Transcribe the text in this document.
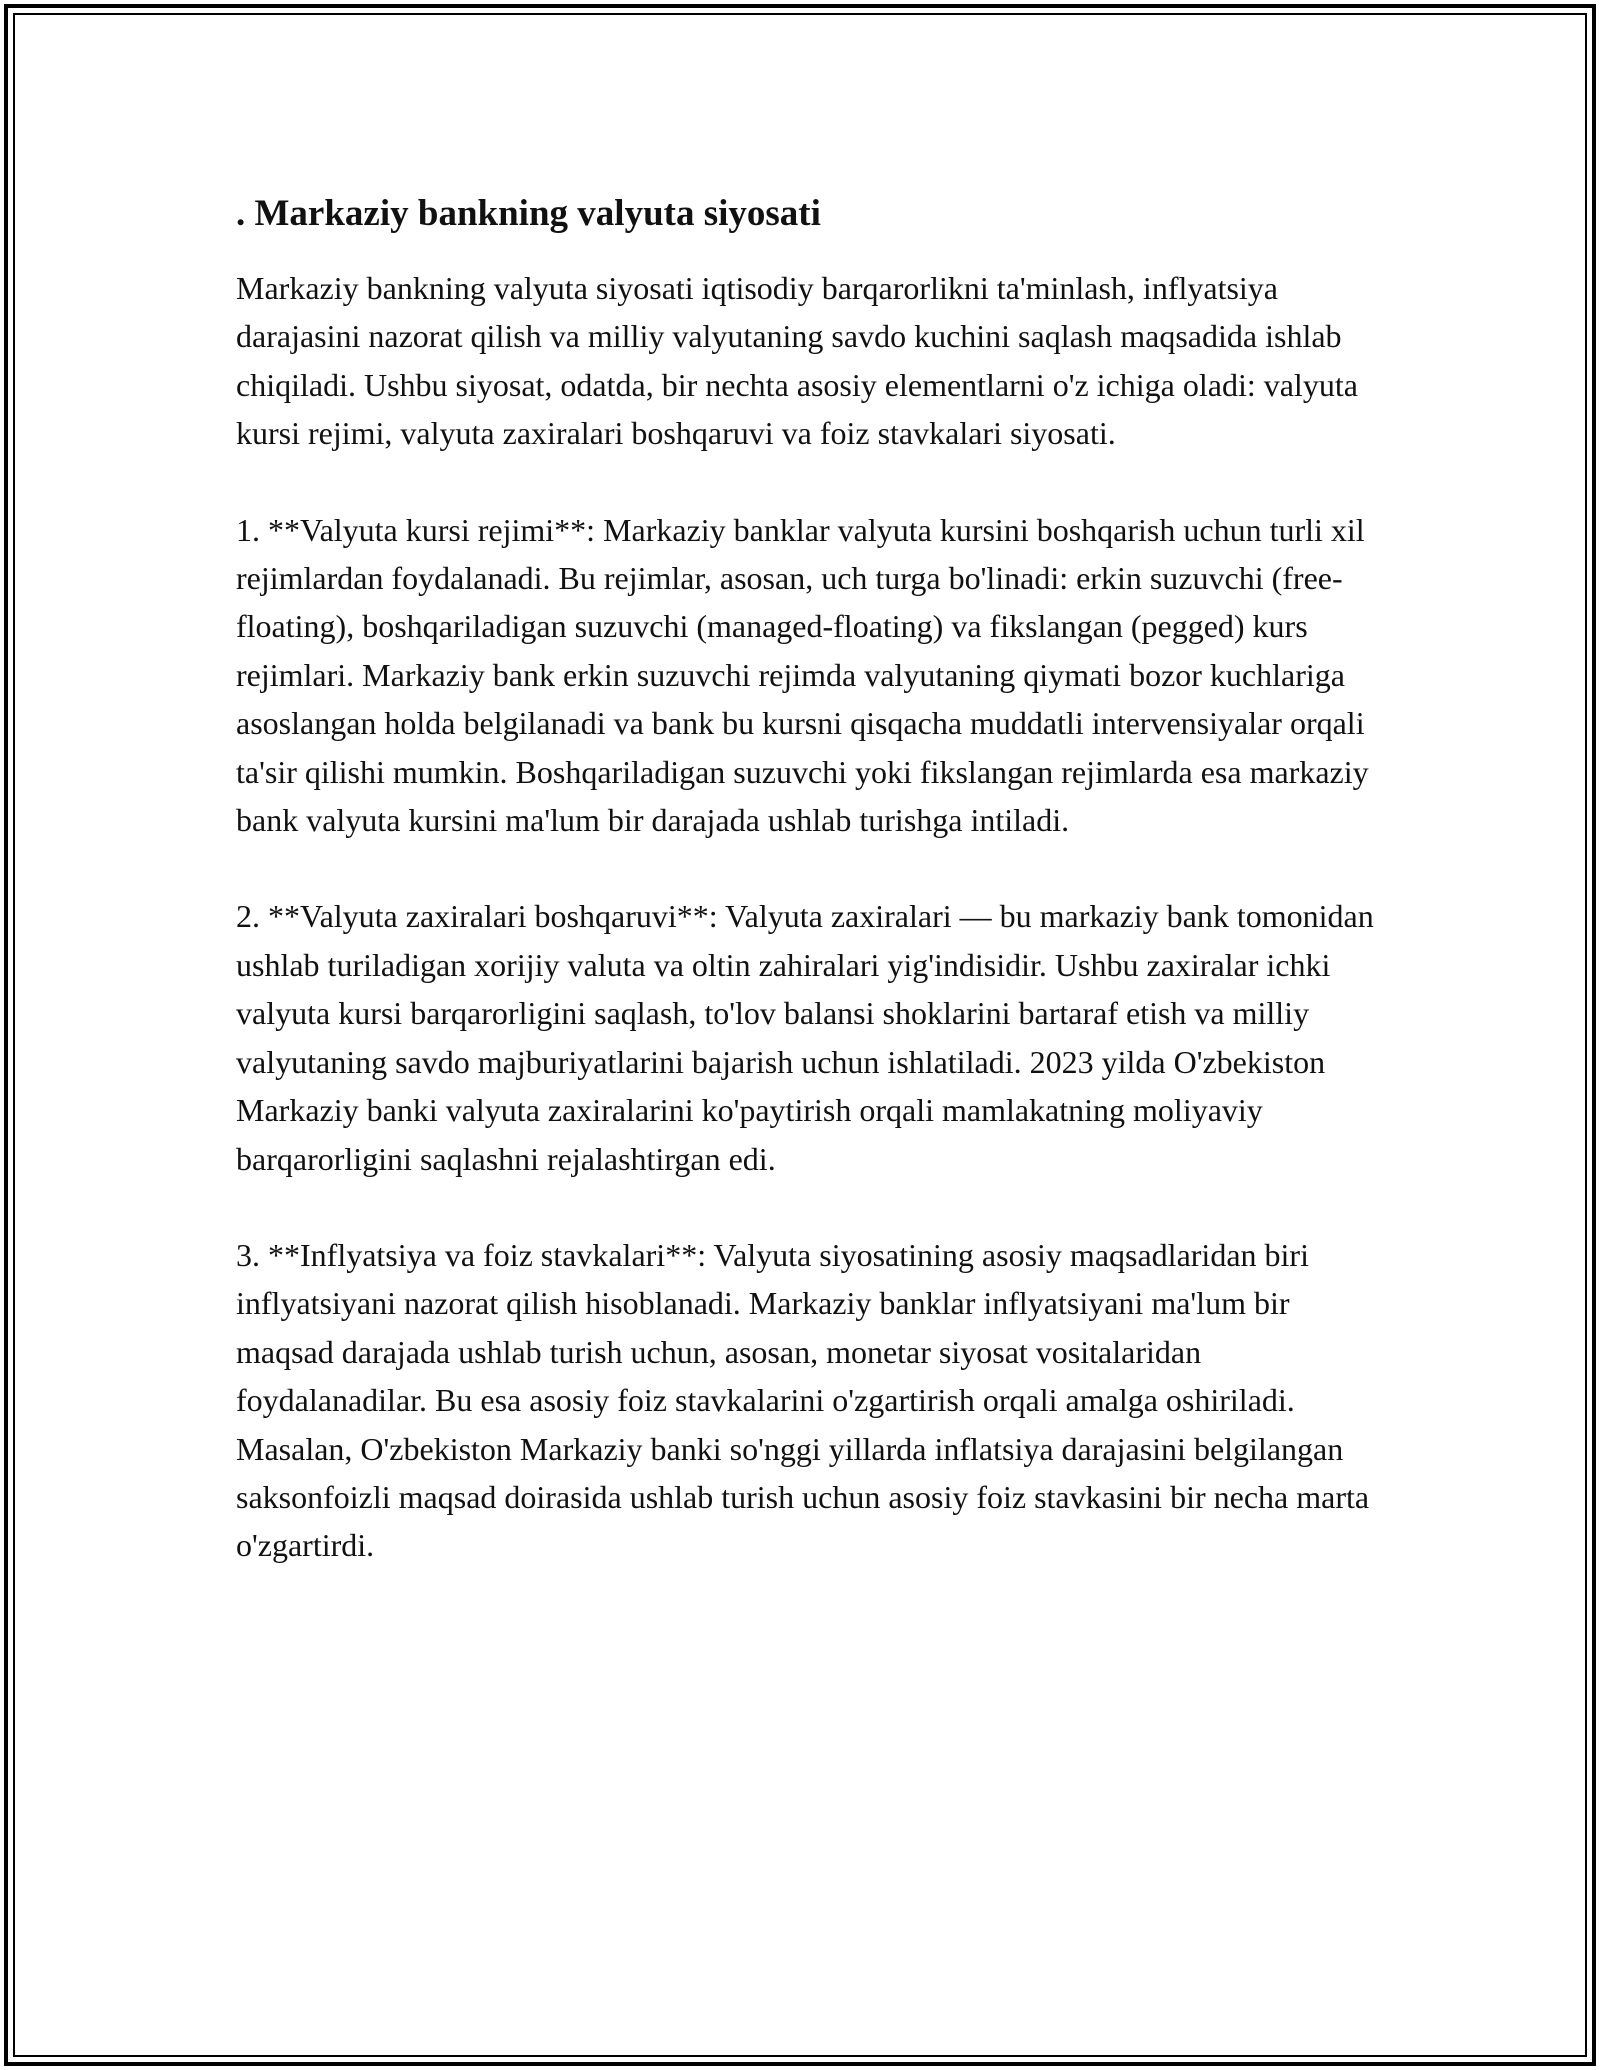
. Markaziy bankning valyuta siyosati

Markaziy bankning valyuta siyosati iqtisodiy barqarorlikni ta'minlash, inflyatsiya darajasini nazorat qilish va milliy valyutaning savdo kuchini saqlash maqsadida ishlab chiqiladi. Ushbu siyosat, odatda, bir nechta asosiy elementlarni o'z ichiga oladi: valyuta kursi rejimi, valyuta zaxiralari boshqaruvi va foiz stavkalari siyosati.

1. **Valyuta kursi rejimi**: Markaziy banklar valyuta kursini boshqarish uchun turli xil rejimlardan foydalanadi. Bu rejimlar, asosan, uch turga bo'linadi: erkin suzuvchi (free-floating), boshqariladigan suzuvchi (managed-floating) va fikslangan (pegged) kurs rejimlari. Markaziy bank erkin suzuvchi rejimda valyutaning qiymati bozor kuchlariga asoslangan holda belgilanadi va bank bu kursni qisqacha muddatli intervensiyalar orqali ta'sir qilishi mumkin. Boshqariladigan suzuvchi yoki fikslangan rejimlarda esa markaziy bank valyuta kursini ma'lum bir darajada ushlab turishga intiladi.

2. **Valyuta zaxiralari boshqaruvi**: Valyuta zaxiralari — bu markaziy bank tomonidan ushlab turiladigan xorijiy valuta va oltin zahiralari yig'indisidir. Ushbu zaxiralar ichki valyuta kursi barqarorligini saqlash, to'lov balansi shoklarini bartaraf etish va milliy valyutaning savdo majburiyatlarini bajarish uchun ishlatiladi. 2023 yilda O'zbekiston Markaziy banki valyuta zaxiralarini ko'paytirish orqali mamlakatning moliyaviy barqarorligini saqlashni rejalashtirgan edi.

3. **Inflyatsiya va foiz stavkalari**: Valyuta siyosatining asosiy maqsadlaridan biri inflyatsiyani nazorat qilish hisoblanadi. Markaziy banklar inflyatsiyani ma'lum bir maqsad darajada ushlab turish uchun, asosan, monetar siyosat vositalaridan foydalanadilar. Bu esa asosiy foiz stavkalarini o'zgartirish orqali amalga oshiriladi. Masalan, O'zbekiston Markaziy banki so'nggi yillarda inflatsiya darajasini belgilangan saksonfoizli maqsad doirasida ushlab turish uchun asosiy foiz stavkasini bir necha marta o'zgartirdi.
